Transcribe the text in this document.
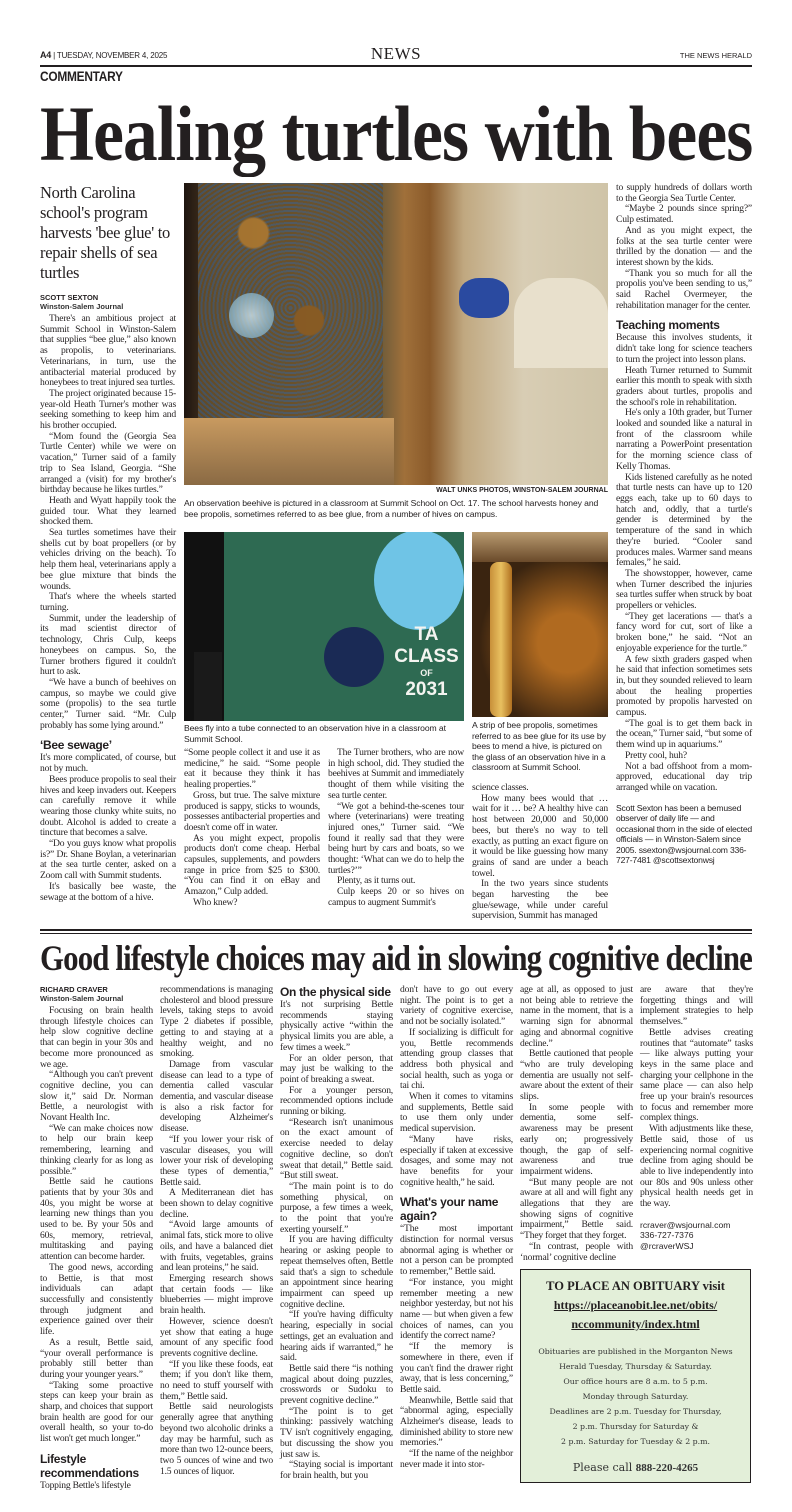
A4 | TUESDAY, NOVEMBER 4, 2025	NEWS	THE NEWS HERALD
COMMENTARY
Healing turtles with bees
North Carolina school's program harvests 'bee glue' to repair shells of sea turtles
SCOTT SEXTON
Winston-Salem Journal

There's an ambitious project at Summit School in Winston-Salem that supplies “bee glue,” also known as propolis, to veterinarians. Veterinarians, in turn, use the antibacterial material produced by honeybees to treat injured sea turtles.

The project originated because 15-year-old Heath Turner's mother was seeking something to keep him and his brother occupied.

“Mom found the (Georgia Sea Turtle Center) while we were on vacation,” Turner said of a family trip to Sea Island, Georgia. “She arranged a (visit) for my brother's birthday because he likes turtles.”

Heath and Wyatt happily took the guided tour. What they learned shocked them.

Sea turtles sometimes have their shells cut by boat propellers (or by vehicles driving on the beach). To help them heal, veterinarians apply a bee glue mixture that binds the wounds.

That's where the wheels started turning.

Summit, under the leadership of its mad scientist director of technology, Chris Culp, keeps honeybees on campus. So, the Turner brothers figured it couldn't hurt to ask.

“We have a bunch of beehives on campus, so maybe we could give some (propolis) to the sea turtle center,” Turner said. “Mr. Culp probably has some lying around.”

‘Bee sewage’

It's more complicated, of course, but not by much.

Bees produce propolis to seal their hives and keep invaders out. Keepers can carefully remove it while wearing those clunky white suits, no doubt. Alcohol is added to create a tincture that becomes a salve.

“Do you guys know what propolis is?” Dr. Shane Boylan, a veterinarian at the sea turtle center, asked on a Zoom call with Summit students.

It's basically bee waste, the sewage at the bottom of a hive.

WALT UNKS PHOTOS, WINSTON-SALEM JOURNAL
An observation beehive is pictured in a classroom at Summit School on Oct. 17. The school harvests honey and bee propolis, sometimes referred to as bee glue, from a number of hives on campus.
TA
CLASS
OF
2031
Bees fly into a tube connected to an observation hive in a classroom at Summit School.
A strip of bee propolis, sometimes referred to as bee glue for its use by bees to mend a hive, is pictured on the glass of an observation hive in a classroom at Summit School.

“Some people collect it and use it as medicine,” he said. “Some people eat it because they think it has healing properties.”

Gross, but true. The salve mixture produced is sappy, sticks to wounds, possesses antibacterial properties and doesn't come off in water.

As you might expect, propolis products don't come cheap. Herbal capsules, supplements, and powders range in price from $25 to $300. “You can find it on eBay and Amazon,” Culp added.

Who knew?

The Turner brothers, who are now in high school, did. They studied the beehives at Summit and immediately thought of them while visiting the sea turtle center.

“We got a behind-the-scenes tour where (veterinarians) were treating injured ones,” Turner said. “We found it really sad that they were being hurt by cars and boats, so we thought: ‘What can we do to help the turtles?’”

Plenty, as it turns out.

Culp keeps 20 or so hives on campus to augment Summit's

science classes.

How many bees would that … wait for it … be? A healthy hive can host between 20,000 and 50,000 bees, but there's no way to tell exactly, as putting an exact figure on it would be like guessing how many grains of sand are under a beach towel.

In the two years since students began harvesting the bee glue/sewage, while under careful supervision, Summit has managed

to supply hundreds of dollars worth to the Georgia Sea Turtle Center.

“Maybe 2 pounds since spring?” Culp estimated.

And as you might expect, the folks at the sea turtle center were thrilled by the donation — and the interest shown by the kids.

“Thank you so much for all the propolis you've been sending to us,” said Rachel Overmeyer, the rehabilitation manager for the center.

Teaching moments

Because this involves students, it didn't take long for science teachers to turn the project into lesson plans.

Heath Turner returned to Summit earlier this month to speak with sixth graders about turtles, propolis and the school's role in rehabilitation.

He's only a 10th grader, but Turner looked and sounded like a natural in front of the classroom while narrating a PowerPoint presentation for the morning science class of Kelly Thomas.

Kids listened carefully as he noted that turtle nests can have up to 120 eggs each, take up to 60 days to hatch and, oddly, that a turtle's gender is determined by the temperature of the sand in which they're buried. “Cooler sand produces males. Warmer sand means females,” he said.

The showstopper, however, came when Turner described the injuries sea turtles suffer when struck by boat propellers or vehicles.

“They get lacerations — that's a fancy word for cut, sort of like a broken bone,” he said. “Not an enjoyable experience for the turtle.”

A few sixth graders gasped when he said that infection sometimes sets in, but they sounded relieved to learn about the healing properties promoted by propolis harvested on campus.

“The goal is to get them back in the ocean,” Turner said, “but some of them wind up in aquariums.”

Pretty cool, huh?

Not a bad offshoot from a mom-approved, educational day trip arranged while on vacation.

Scott Sexton has been a bemused observer of daily life — and occasional thorn in the side of elected officials — in Winston-Salem since 2005. ssexton@wsjournal.com 336-727-7481 @scottsextonwsj
Good lifestyle choices may aid in slowing cognitive decline
RICHARD CRAVER
Winston-Salem Journal

Focusing on brain health through lifestyle choices can help slow cognitive decline that can begin in your 30s and become more pronounced as we age.

“Although you can't prevent cognitive decline, you can slow it,” said Dr. Norman Bettle, a neurologist with Novant Health Inc.

“We can make choices now to help our brain keep remembering, learning and thinking clearly for as long as possible.”

Bettle said he cautions patients that by your 30s and 40s, you might be worse at learning new things than you used to be. By your 50s and 60s, memory, retrieval, multitasking and paying attention can become harder.

The good news, according to Bettie, is that most individuals can adapt successfully and consistently through judgment and experience gained over their life.

As a result, Bettle said, “your overall performance is probably still better than during your younger years.”

“Taking some proactive steps can keep your brain as sharp, and choices that support brain health are good for our overall health, so your to-do list won't get much longer.”

Lifestyle recommendations

Topping Bettle's lifestyle

recommendations is managing cholesterol and blood pressure levels, taking steps to avoid Type 2 diabetes if possible, getting to and staying at a healthy weight, and no smoking.

Damage from vascular disease can lead to a type of dementia called vascular dementia, and vascular disease is also a risk factor for developing Alzheimer's disease.

“If you lower your risk of vascular diseases, you will lower your risk of developing these types of dementia,” Bettle said.

A Mediterranean diet has been shown to delay cognitive decline.

“Avoid large amounts of animal fats, stick more to olive oils, and have a balanced diet with fruits, vegetables, grains and lean proteins,” he said.

Emerging research shows that certain foods — like blueberries — might improve brain health.

However, science doesn't yet show that eating a huge amount of any specific food prevents cognitive decline.

“If you like these foods, eat them; if you don't like them, no need to stuff yourself with them,” Bettle said.

Bettle said neurologists generally agree that anything beyond two alcoholic drinks a day may be harmful, such as more than two 12-ounce beers, two 5 ounces of wine and two 1.5 ounces of liquor.

On the physical side

It's not surprising Bettle recommends staying physically active “within the physical limits you are able, a few times a week.”

For an older person, that may just be walking to the point of breaking a sweat.

For a younger person, recommended options include running or biking.

“Research isn't unanimous on the exact amount of exercise needed to delay cognitive decline, so don't sweat that detail,” Bettle said. “But still sweat.

“The main point is to do something physical, on purpose, a few times a week, to the point that you're exerting yourself.”

If you are having difficulty hearing or asking people to repeat themselves often, Bettle said that's a sign to schedule an appointment since hearing impairment can speed up cognitive decline.

“If you're having difficulty hearing, especially in social settings, get an evaluation and hearing aids if warranted,” he said.

Bettle said there “is nothing magical about doing puzzles, crosswords or Sudoku to prevent cognitive decline.”

“The point is to get thinking: passively watching TV isn't cognitively engaging, but discussing the show you just saw is.

“Staying social is important for brain health, but you

don't have to go out every night. The point is to get a variety of cognitive exercise, and not be socially isolated.”

If socializing is difficult for you, Bettle recommends attending group classes that address both physical and social health, such as yoga or tai chi.

When it comes to vitamins and supplements, Bettle said to use them only under medical supervision.

“Many have risks, especially if taken at excessive dosages, and some may not have benefits for your cognitive health,” he said.

What's your name again?

“The most important distinction for normal versus abnormal aging is whether or not a person can be prompted to remember,” Bettle said.

“For instance, you might remember meeting a new neighbor yesterday, but not his name — but when given a few choices of names, can you identify the correct name?

“If the memory is somewhere in there, even if you can't find the drawer right away, that is less concerning,” Bettle said.

Meanwhile, Bettle said that “abnormal aging, especially Alzheimer's disease, leads to diminished ability to store new memories.”

“If the name of the neighbor never made it into stor-

age at all, as opposed to just not being able to retrieve the name in the moment, that is a warning sign for abnormal aging and abnormal cognitive decline.”

Bettle cautioned that people “who are truly developing dementia are usually not self-aware about the extent of their slips.

In some people with dementia, some self-awareness may be present early on; progressively though, the gap of self-awareness and true impairment widens.

“But many people are not aware at all and will fight any allegations that they are showing signs of cognitive impairment,” Bettle said. “They forget that they forget.

“In contrast, people with ‘normal’ cognitive decline

are aware that they're forgetting things and will implement strategies to help themselves.”

Bettle advises creating routines that “automate” tasks — like always putting your keys in the same place and charging your cellphone in the same place — can also help free up your brain's resources to focus and remember more complex things.

With adjustments like these, Bettle said, those of us experiencing normal cognitive decline from aging should be able to live independently into our 80s and 90s unless other physical health needs get in the way.

rcraver@wsjournal.com
336-727-7376
@rcraverWSJ
TO PLACE AN OBITUARY visit
https://placeanobit.lee.net/obits/
nccommunity/index.html
Obituaries are published in the Morganton News
Herald Tuesday, Thursday & Saturday.
Our office hours are 8 a.m. to 5 p.m.
Monday through Saturday.
Deadlines are 2 p.m. Tuesday for Thursday,
2 p.m. Thursday for Saturday &
2 p.m. Saturday for Tuesday & 2 p.m.
Please call 888-220-4265
